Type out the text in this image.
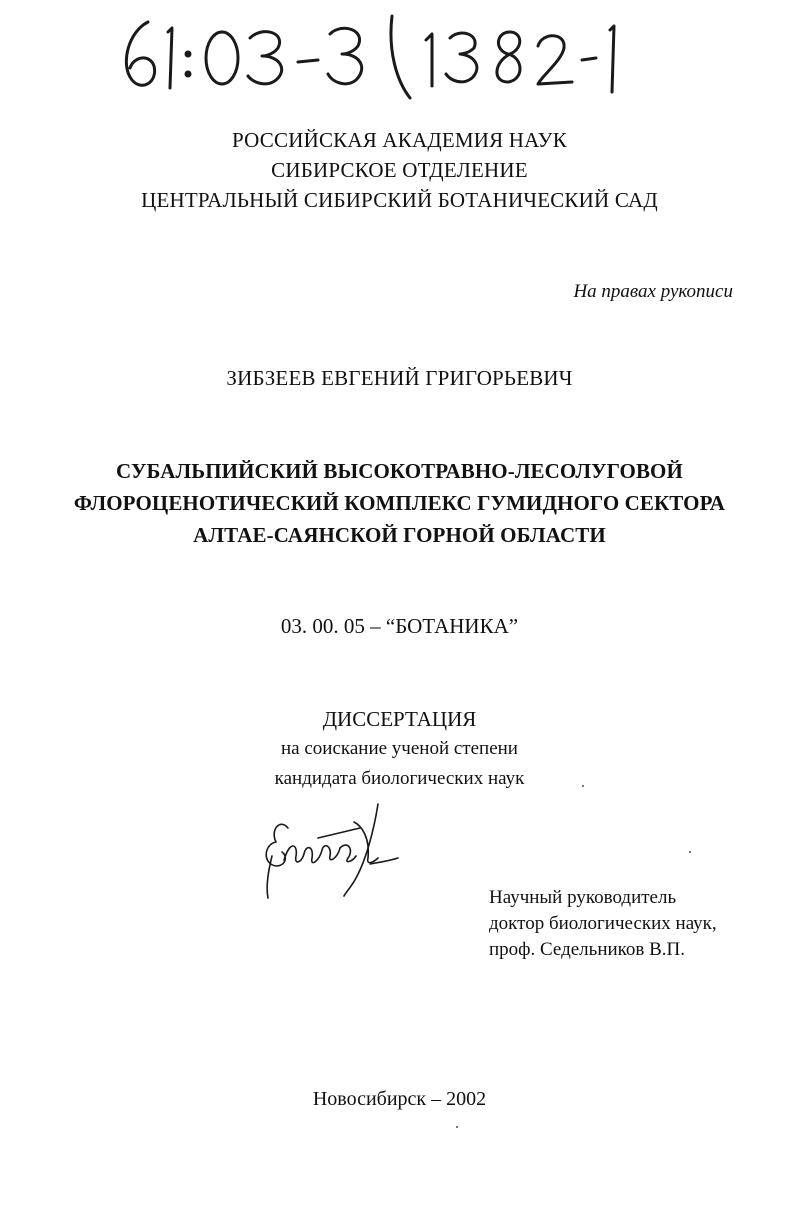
РОССИЙСКАЯ АКАДЕМИЯ НАУК
СИБИРСКОЕ ОТДЕЛЕНИЕ
ЦЕНТРАЛЬНЫЙ СИБИРСКИЙ БОТАНИЧЕСКИЙ САД
На правах рукописи
ЗИБЗЕЕВ ЕВГЕНИЙ ГРИГОРЬЕВИЧ
СУБАЛЬПИЙСКИЙ ВЫСОКОТРАВНО-ЛЕСОЛУГОВОЙ
ФЛОРОЦЕНОТИЧЕСКИЙ КОМПЛЕКС ГУМИДНОГО СЕКТОРА
АЛТАЕ-САЯНСКОЙ ГОРНОЙ ОБЛАСТИ
03. 00. 05 – “БОТАНИКА”
ДИССЕРТАЦИЯ
на соискание ученой степени
кандидата биологических наук
Научный руководитель
доктор биологических наук,
проф. Седельников В.П.
Новосибирск – 2002
